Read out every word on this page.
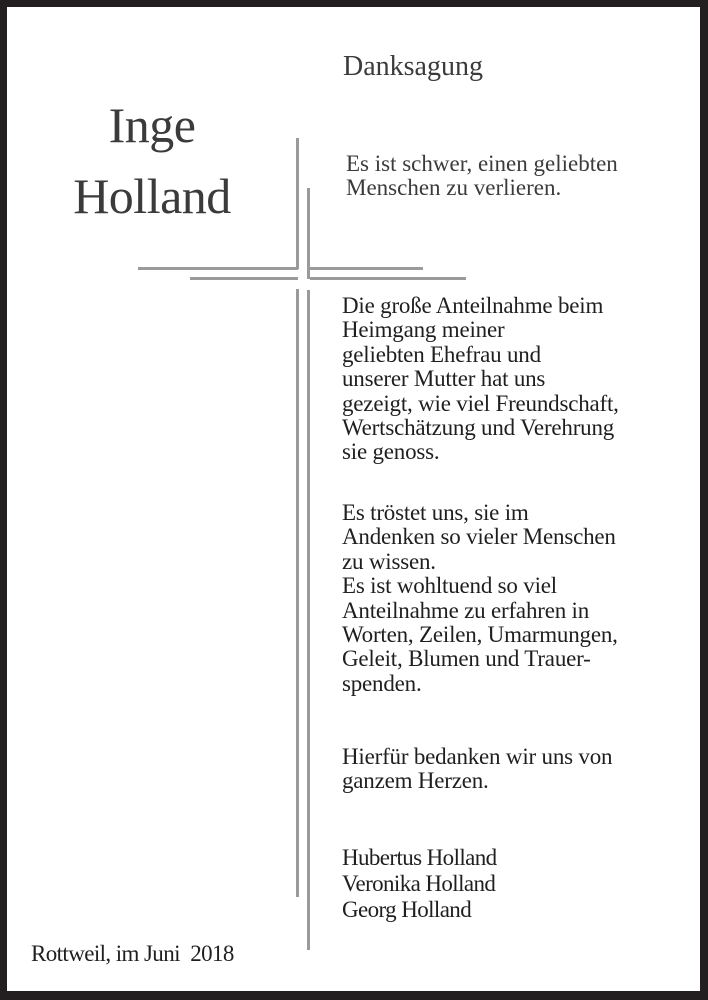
Inge
Holland
Danksagung
Es ist schwer, einen geliebten
Menschen zu verlieren.
Die große Anteilnahme beim
Heimgang meiner
geliebten Ehefrau und
unserer Mutter hat uns
gezeigt, wie viel Freundschaft,
Wertschätzung und Verehrung
sie genoss.
Es tröstet uns, sie im
Andenken so vieler Menschen
zu wissen.
Es ist wohltuend so viel
Anteilnahme zu erfahren in
Worten, Zeilen, Umarmungen,
Geleit, Blumen und Trauer-
spenden.
Hierfür bedanken wir uns von
ganzem Herzen.
Hubertus Holland
Veronika Holland
Georg Holland
Rottweil, im Juni  2018
